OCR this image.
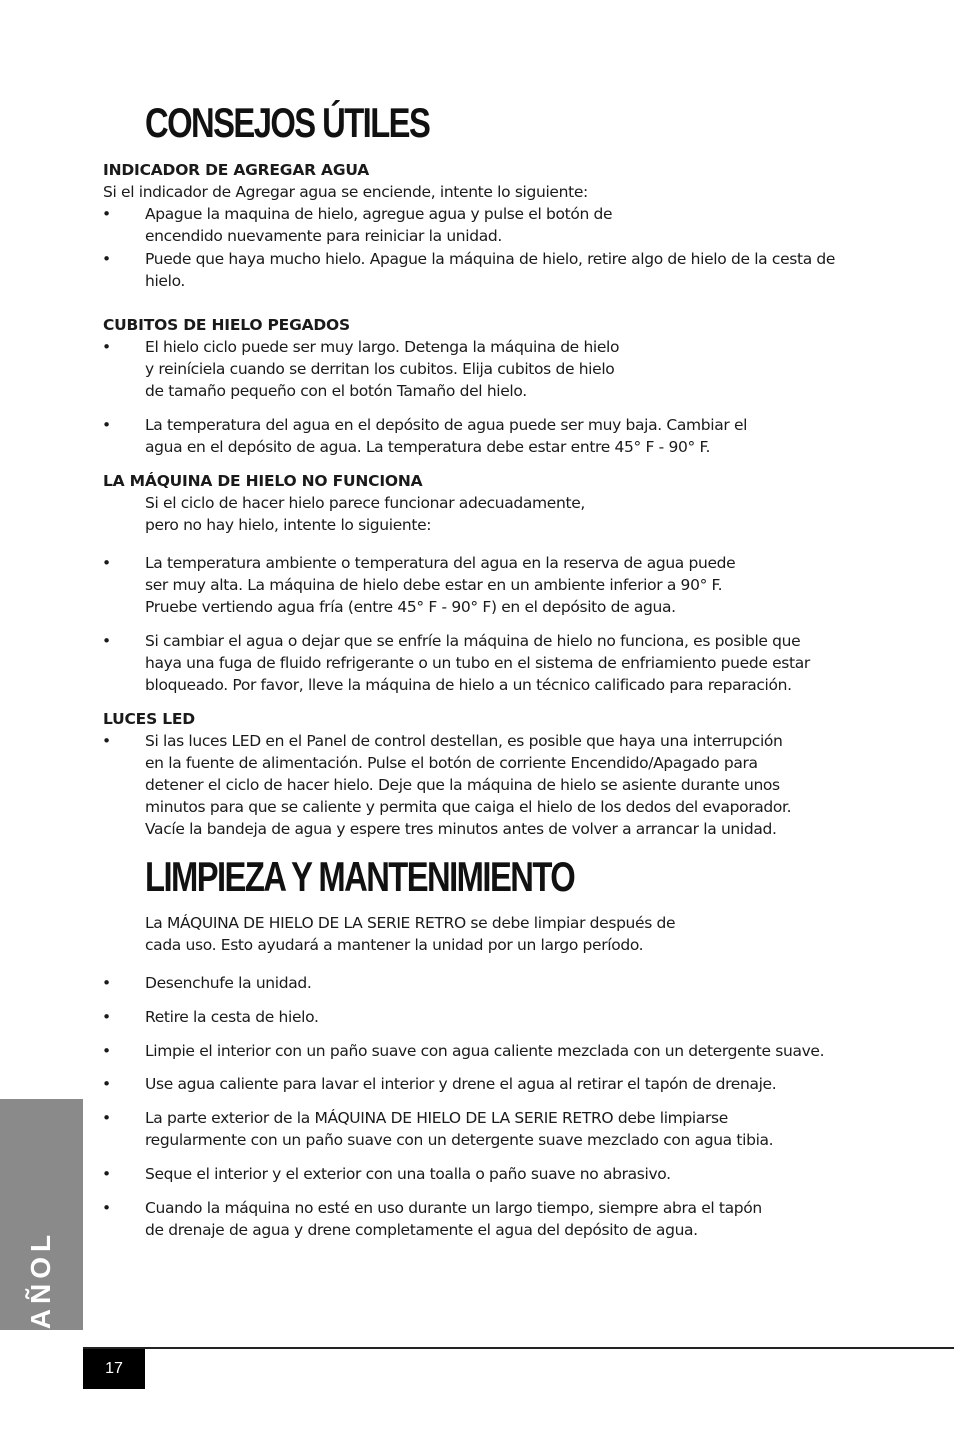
CONSEJOS ÚTILES
INDICADOR DE AGREGAR AGUA
Si el indicador de Agregar agua se enciende, intente lo siguiente:
• Apague la maquina de hielo, agregue agua y pulse el botón de
encendido nuevamente para reiniciar la unidad.
• Puede que haya mucho hielo. Apague la máquina de hielo, retire algo de hielo de la cesta de
hielo.
CUBITOS DE HIELO PEGADOS
• El hielo ciclo puede ser muy largo. Detenga la máquina de hielo
y reiníciela cuando se derritan los cubitos. Elija cubitos de hielo
de tamaño pequeño con el botón Tamaño del hielo.
• La temperatura del agua en el depósito de agua puede ser muy baja. Cambiar el
agua en el depósito de agua. La temperatura debe estar entre 45° F - 90° F.
LA MÁQUINA DE HIELO NO FUNCIONA
Si el ciclo de hacer hielo parece funcionar adecuadamente,
pero no hay hielo, intente lo siguiente:
• La temperatura ambiente o temperatura del agua en la reserva de agua puede
ser muy alta. La máquina de hielo debe estar en un ambiente inferior a 90° F.
Pruebe vertiendo agua fría (entre 45° F - 90° F) en el depósito de agua.
• Si cambiar el agua o dejar que se enfríe la máquina de hielo no funciona, es posible que
haya una fuga de fluido refrigerante o un tubo en el sistema de enfriamiento puede estar
bloqueado. Por favor, lleve la máquina de hielo a un técnico calificado para reparación.
LUCES LED
• Si las luces LED en el Panel de control destellan, es posible que haya una interrupción
en la fuente de alimentación. Pulse el botón de corriente Encendido/Apagado para
detener el ciclo de hacer hielo. Deje que la máquina de hielo se asiente durante unos
minutos para que se caliente y permita que caiga el hielo de los dedos del evaporador.
Vacíe la bandeja de agua y espere tres minutos antes de volver a arrancar la unidad.
LIMPIEZA Y MANTENIMIENTO
La MÁQUINA DE HIELO DE LA SERIE RETRO se debe limpiar después de
cada uso. Esto ayudará a mantener la unidad por un largo período.
• Desenchufe la unidad.
• Retire la cesta de hielo.
• Limpie el interior con un paño suave con agua caliente mezclada con un detergente suave.
• Use agua caliente para lavar el interior y drene el agua al retirar el tapón de drenaje.
• La parte exterior de la MÁQUINA DE HIELO DE LA SERIE RETRO debe limpiarse
regularmente con un paño suave con un detergente suave mezclado con agua tibia.
• Seque el interior y el exterior con una toalla o paño suave no abrasivo.
• Cuando la máquina no esté en uso durante un largo tiempo, siempre abra el tapón
de drenaje de agua y drene completamente el agua del depósito de agua.
ESPAÑOL	17
